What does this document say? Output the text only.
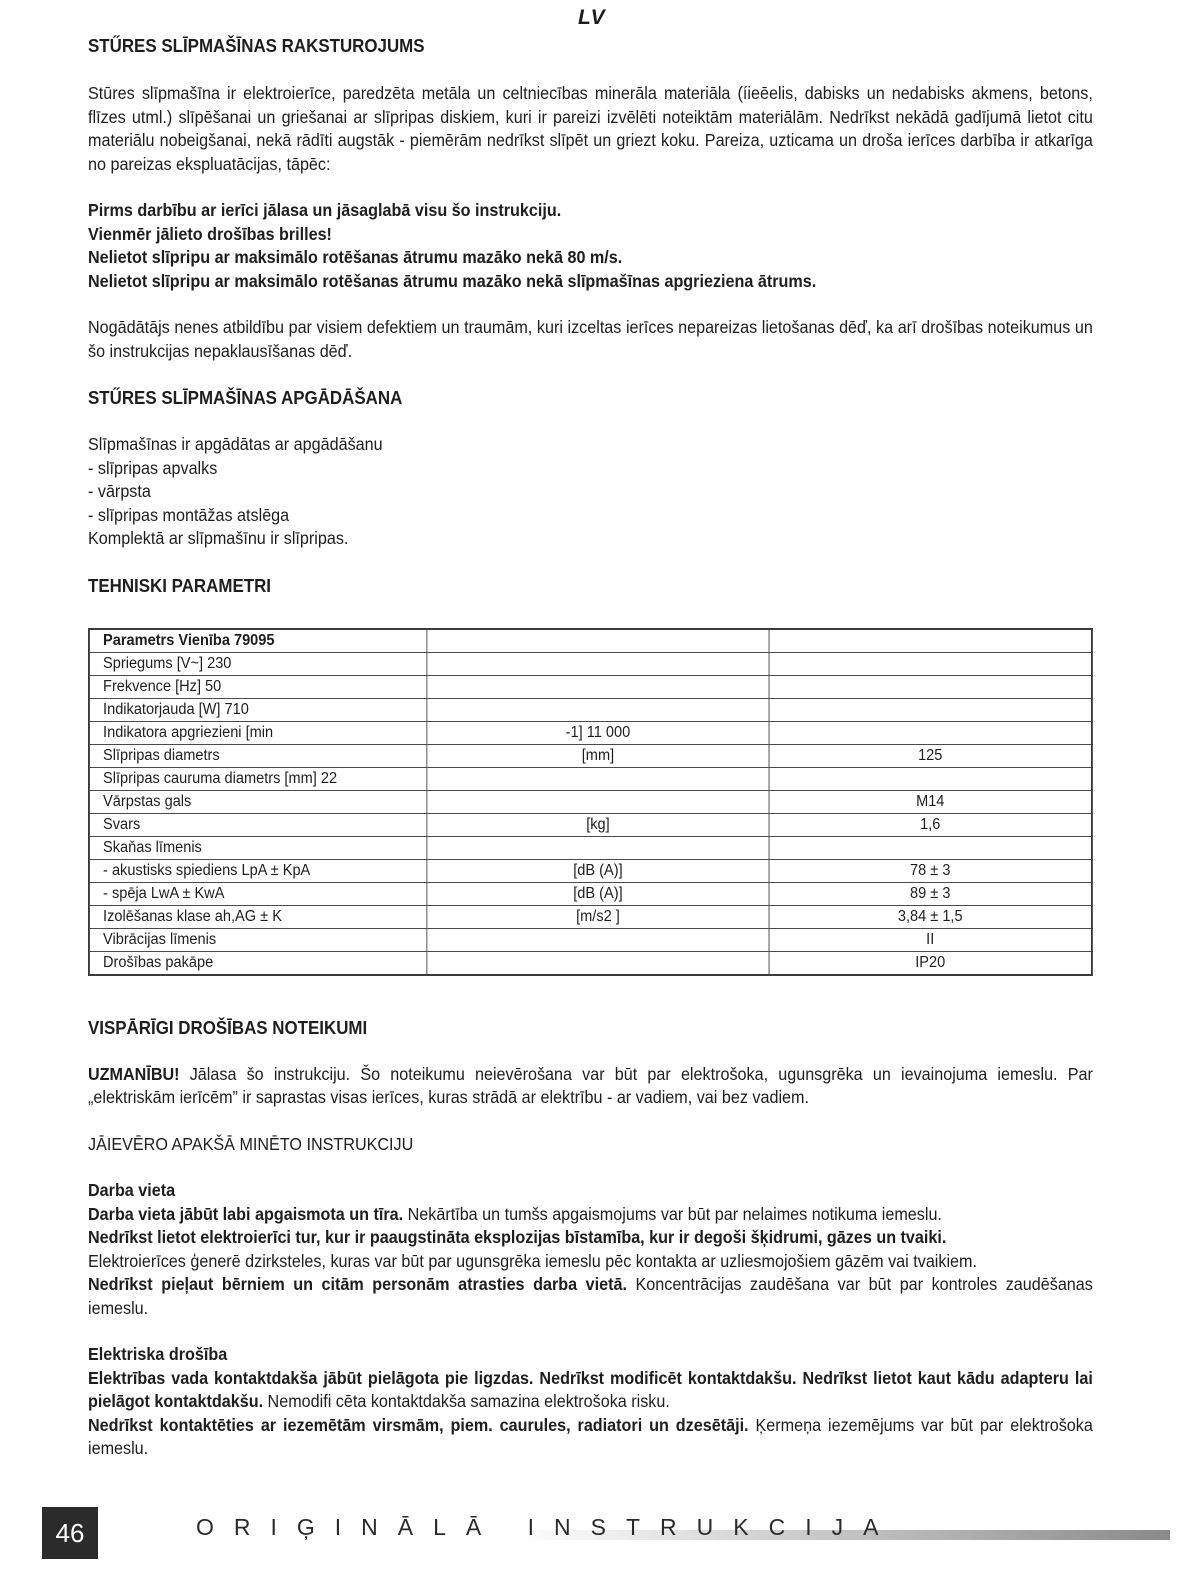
LV
STŰRES SLĪPMAŠĪNAS RAKSTUROJUMS

Stūres slīpmašīna ir elektroierīce, paredzēta metāla un celtniecības minerāla materiāla (íieēelis, dabisks un nedabisks akmens, betons, flīzes utml.) slīpēšanai un griešanai ar slīpripas diskiem, kuri ir pareizi izvēlēti noteiktām materiālām. Nedrīkst nekādā gadījumā lietot citu materiālu nobeigšanai, nekā rādīti augstāk - piemērām nedrīkst slīpēt un griezt koku. Pareiza, uzticama un droša ierīces darbība ir atkarīga no pareizas ekspluatācijas, tāpēc:

Pirms darbību ar ierīci jālasa un jāsaglabā visu šo instrukciju.

Vienmēr jālieto drošības brilles!

Nelietot slīpripu ar maksimālo rotēšanas ātrumu mazāko nekā 80 m/s.

Nelietot slīpripu ar maksimālo rotēšanas ātrumu mazāko nekā slīpmašīnas apgrieziena ātrums.

Nogādātājs nenes atbildību par visiem defektiem un traumām, kuri izceltas ierīces nepareizas lietošanas dēď, ka arī drošības noteikumus un šo instrukcijas nepaklausīšanas dēď.

STŰRES SLĪPMAŠĪNAS APGĀDĀŠANA

Slīpmašīnas ir apgādātas ar apgādāšanu

- slīpripas apvalks
- vārpsta
- slīpripas montāžas atslēga

Komplektā ar slīpmašīnu ir slīpripas.

TEHNISKI PARAMETRI
Parametrs Vienība 79095		
Spriegums [V~] 230		
Frekvence [Hz] 50		
Indikatorjauda [W] 710		
Indikatora apgriezieni [min	-1] 11 000	
Slīpripas diametrs	[mm]	125
Slīpripas cauruma diametrs [mm] 22		
Vārpstas gals		M14
Svars	[kg]	1,6
Skaňas līmenis		
- akustisks spiediens LpA ± KpA	[dB (A)]	78 ± 3
- spēja LwA ± KwA	[dB (A)]	89 ± 3
Izolēšanas klase ah,AG ± K	[m/s2 ]	3,84 ± 1,5
Vibrācijas līmenis		II
Drošības pakāpe		IP20
VISPĀRĪGI DROŠĪBAS NOTEIKUMI

UZMANĪBU! Jālasa šo instrukciju. Šo noteikumu neievērošana var būt par elektrošoka, ugunsgrēka un ievainojuma iemeslu. Par „elektriskām ierīcēm” ir saprastas visas ierīces, kuras strādā ar elektrību - ar vadiem, vai bez vadiem.

JĀIEVĒRO APAKŠĀ MINĒTO INSTRUKCIJU

Darba vieta

Darba vieta jābūt labi apgaismota un tīra. Nekārtība un tumšs apgaismojums var būt par nelaimes notikuma iemeslu.

Nedrīkst lietot elektroierīci tur, kur ir paaugstināta eksplozijas bīstamība, kur ir degoši šķidrumi, gāzes un tvaiki.

Elektroierīces ģenerē dzirksteles, kuras var būt par ugunsgrēka iemeslu pēc kontakta ar uzliesmojošiem gāzēm vai tvaikiem.

Nedrīkst pieļaut bērniem un citām personām atrasties darba vietā. Koncentrācijas zaudēšana var būt par kontroles zaudēšanas iemeslu.

Elektriska drošība

Elektrības vada kontaktdakša jābūt pielāgota pie ligzdas. Nedrīkst modificēt kontaktdakšu. Nedrīkst lietot kaut kādu adapteru lai pielāgot kontaktdakšu. Nemodifi cēta kontaktdakša samazina elektrošoka risku.

Nedrīkst kontaktēties ar iezemētām virsmām, piem. caurules, radiatori un dzesētāji. Ķermeņa iezemējums var būt par elektrošoka iemeslu.

46	ORIĢINĀLĀ INSTRUKCIJA
